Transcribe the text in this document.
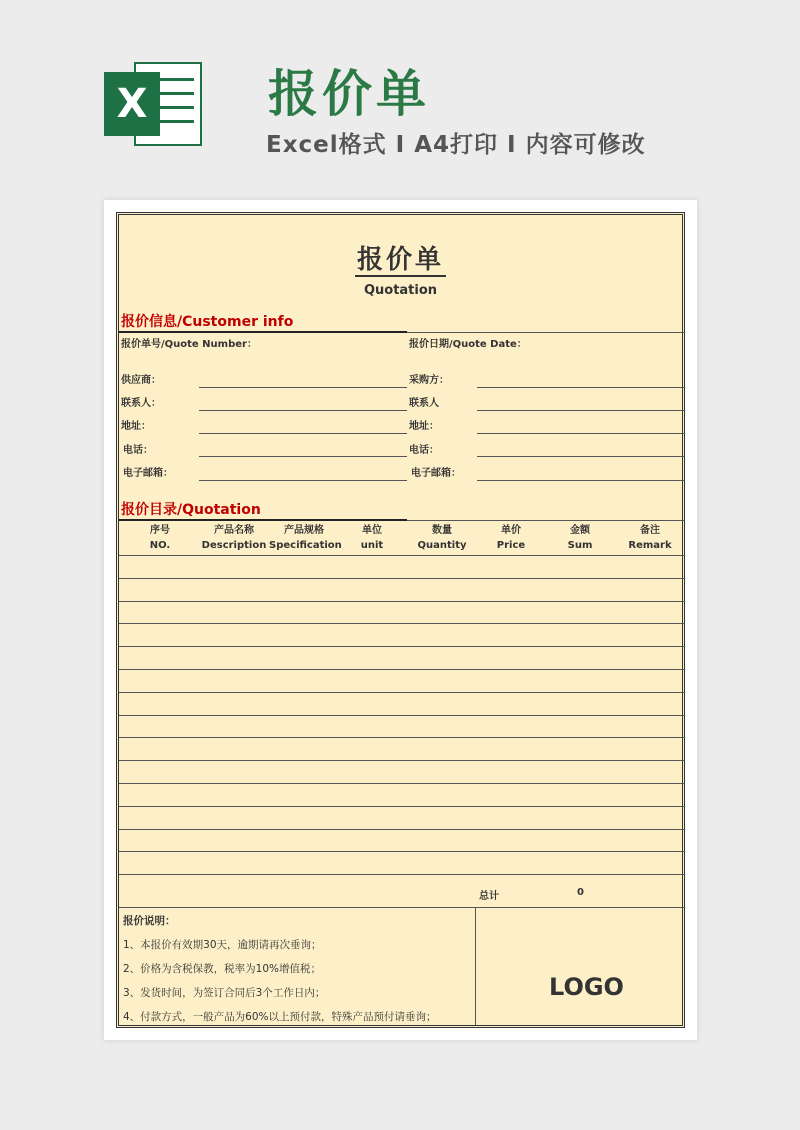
X 报价单
Excel格式 I A4打印 I 内容可修改
报价单
Quotation
报价信息/Customer info
报价单号/Quote Number：	报价日期/Quote Date：
供应商：
联系人：
地址：
电话：
电子邮箱：
采购方：
联系人
地址：
电话：
电子邮箱：
报价目录/Quotation
序号
NO.
产品名称
Description
产品规格
Specification
单位
unit
数量
Quantity
单价
Price
金额
Sum
备注
Remark
总计	0
报价说明：
1、本报价有效期30天，逾期请再次垂询；
2、价格为含税保教，税率为10%增值税；
3、发货时间，为签订合同后3个工作日内；
4、付款方式，一般产品为60%以上预付款，特殊产品预付请垂询；
LOGO
